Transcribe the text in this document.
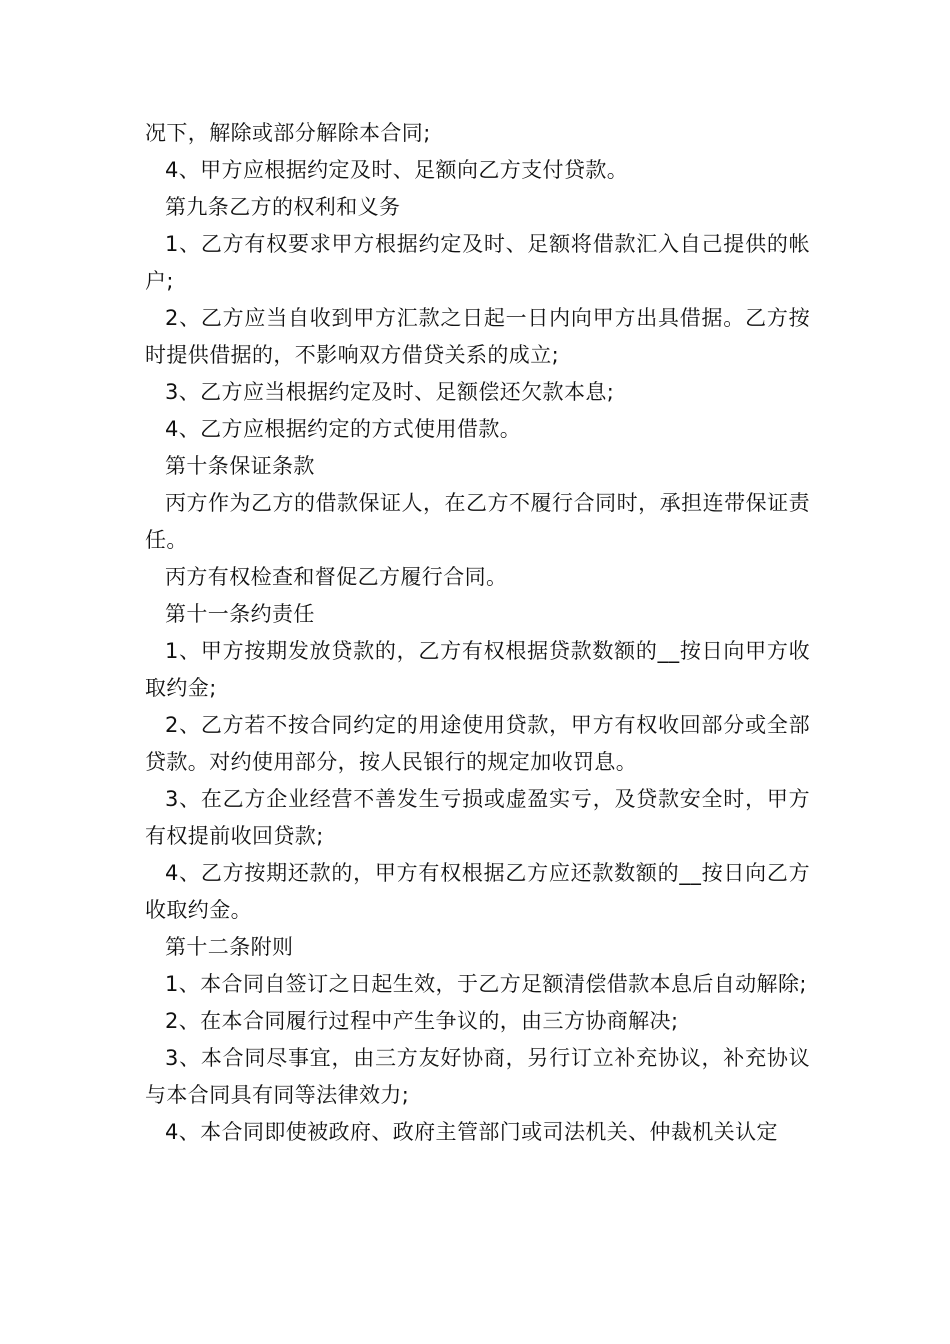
况下，解除或部分解除本合同;

4、甲方应根据约定及时、足额向乙方支付贷款。

第九条乙方的权利和义务

1、乙方有权要求甲方根据约定及时、足额将借款汇入自己提供的帐户;

2、乙方应当自收到甲方汇款之日起一日内向甲方出具借据。乙方按时提供借据的，不影响双方借贷关系的成立;

3、乙方应当根据约定及时、足额偿还欠款本息;

4、乙方应根据约定的方式使用借款。

第十条保证条款

丙方作为乙方的借款保证人，在乙方不履行合同时，承担连带保证责任。

丙方有权检查和督促乙方履行合同。

第十一条约责任

1、甲方按期发放贷款的，乙方有权根据贷款数额的__按日向甲方收取约金;

2、乙方若不按合同约定的用途使用贷款，甲方有权收回部分或全部贷款。对约使用部分，按人民银行的规定加收罚息。

3、在乙方企业经营不善发生亏损或虚盈实亏，及贷款安全时，甲方有权提前收回贷款;

4、乙方按期还款的，甲方有权根据乙方应还款数额的__按日向乙方收取约金。

第十二条附则

1、本合同自签订之日起生效，于乙方足额清偿借款本息后自动解除;

2、在本合同履行过程中产生争议的，由三方协商解决;

3、本合同尽事宜，由三方友好协商，另行订立补充协议，补充协议与本合同具有同等法律效力;

4、本合同即使被政府、政府主管部门或司法机关、仲裁机关认定
